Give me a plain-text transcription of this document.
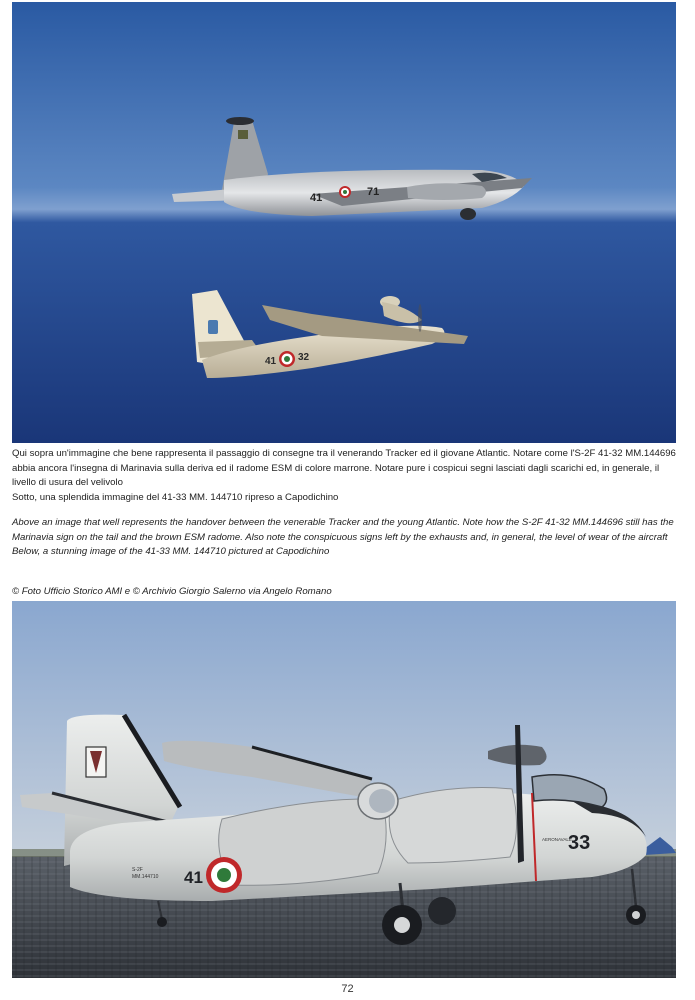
41	71
41 32

Qui sopra un'immagine che bene rappresenta il passaggio di consegne tra il venerando Tracker ed il giovane Atlantic. Notare come l'S-2F 41-32 MM.144696 abbia ancora l'insegna di Marinavia sulla deriva ed il radome ESM di colore marrone. Notare pure i cospicui segni lasciati dagli scarichi ed, in generale, il livello di usura del velivolo

Sotto, una splendida immagine del 41-33 MM. 144710 ripreso a Capodichino

Above an image that well represents the handover between the venerable Tracker and the young Atlantic. Note how the S-2F 41-32 MM.144696 still has the Marinavia sign on the tail and the brown ESM radome. Also note the conspicuous signs left by the exhausts and, in general, the level of wear of the aircraft

Below, a stunning image of the 41-33 MM. 144710 pictured at Capodichino

© Foto Ufficio Storico AMI e © Archivio Giorgio Salerno via Angelo Romano
41
33
AERONAVALE
S-2F
MM.144710
72
